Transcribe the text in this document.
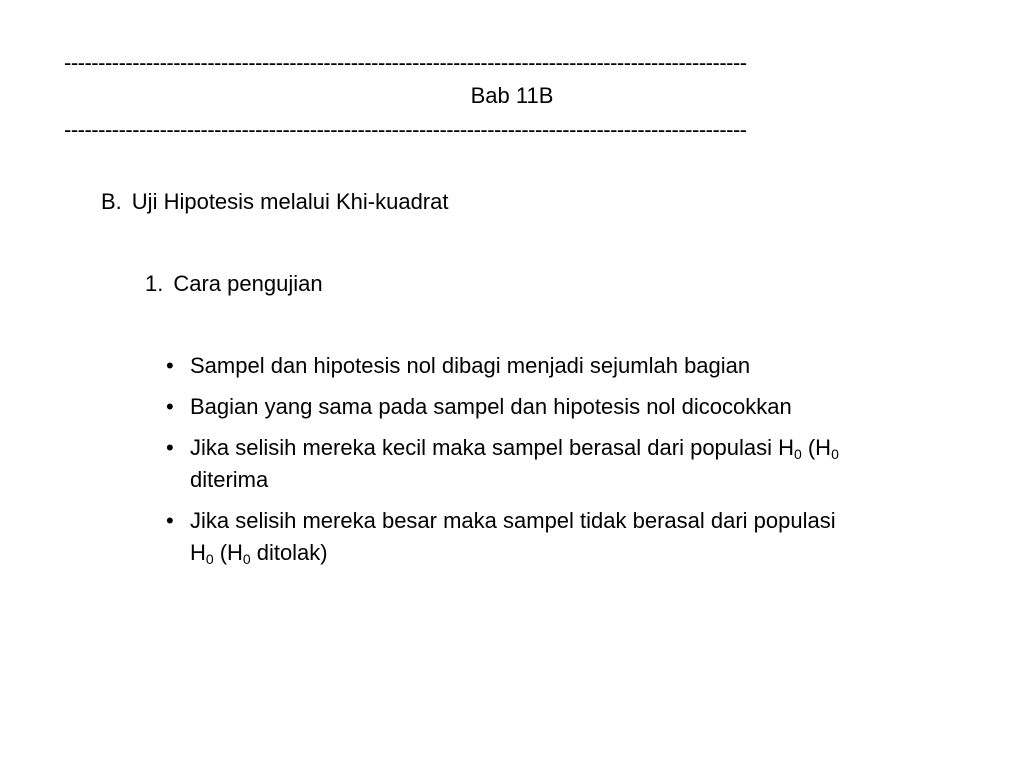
----------------------------------------------------------------------------------------------------
Bab 11B
----------------------------------------------------------------------------------------------------
B. Uji Hipotesis melalui Khi-kuadrat
1. Cara pengujian
• Sampel dan hipotesis nol dibagi menjadi sejumlah bagian
• Bagian yang sama pada sampel dan hipotesis nol dicocokkan
• Jika selisih mereka kecil maka sampel berasal dari populasi $H_0$ ($H_0$
diterima
• Jika selisih mereka besar maka sampel tidak berasal dari populasi
$H_0$ ($H_0$ ditolak)
